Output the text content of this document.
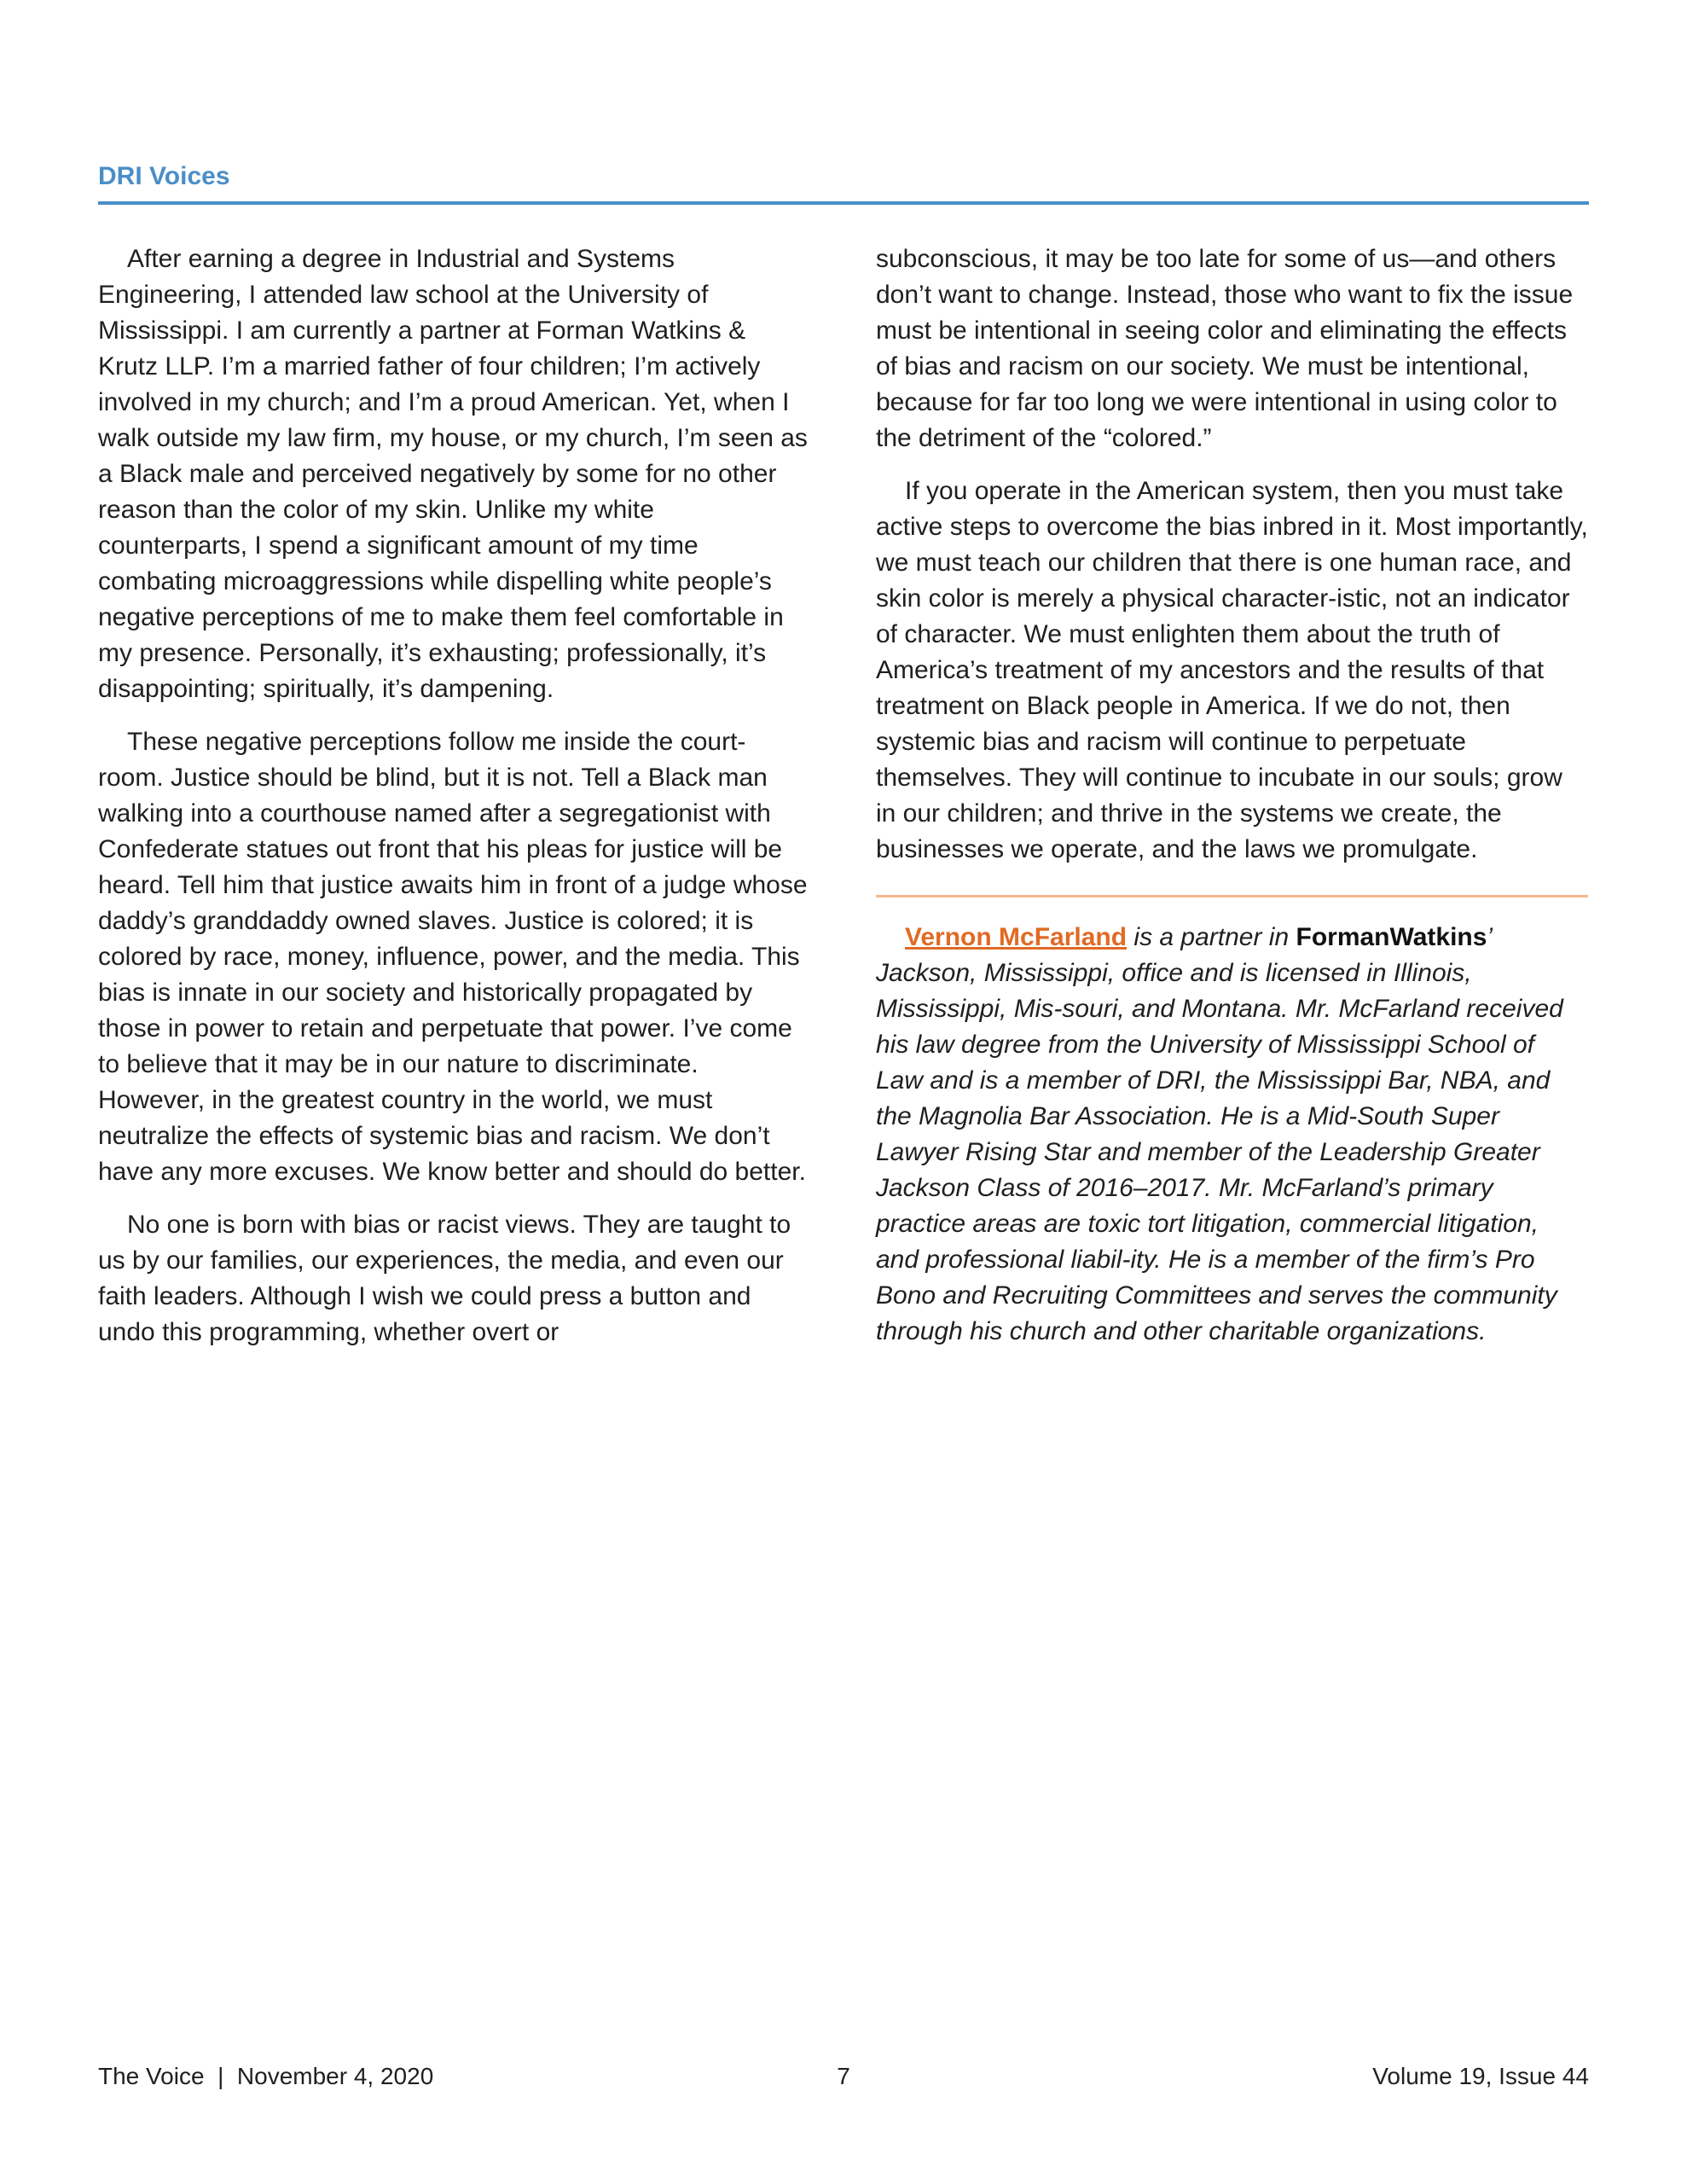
DRI Voices

After earning a degree in Industrial and Systems Engineering, I attended law school at the University of Mississippi. I am currently a partner at Forman Watkins & Krutz LLP. I’m a married father of four children; I’m actively involved in my church; and I’m a proud American. Yet, when I walk outside my law firm, my house, or my church, I’m seen as a Black male and perceived negatively by some for no other reason than the color of my skin. Unlike my white counterparts, I spend a significant amount of my time combating microaggressions while dispelling white people’s negative perceptions of me to make them feel comfortable in my presence. Personally, it’s exhausting; professionally, it’s disappointing; spiritually, it’s dampening.

These negative perceptions follow me inside the court-room. Justice should be blind, but it is not. Tell a Black man walking into a courthouse named after a segregationist with Confederate statues out front that his pleas for justice will be heard. Tell him that justice awaits him in front of a judge whose daddy’s granddaddy owned slaves. Justice is colored; it is colored by race, money, influence, power, and the media. This bias is innate in our society and historically propagated by those in power to retain and perpetuate that power. I’ve come to believe that it may be in our nature to discriminate. However, in the greatest country in the world, we must neutralize the effects of systemic bias and racism. We don’t have any more excuses. We know better and should do better.

No one is born with bias or racist views. They are taught to us by our families, our experiences, the media, and even our faith leaders. Although I wish we could press a button and undo this programming, whether overt or

subconscious, it may be too late for some of us—and others don’t want to change. Instead, those who want to fix the issue must be intentional in seeing color and eliminating the effects of bias and racism on our society. We must be intentional, because for far too long we were intentional in using color to the detriment of the “colored.”

If you operate in the American system, then you must take active steps to overcome the bias inbred in it. Most importantly, we must teach our children that there is one human race, and skin color is merely a physical character-istic, not an indicator of character. We must enlighten them about the truth of America’s treatment of my ancestors and the results of that treatment on Black people in America. If we do not, then systemic bias and racism will continue to perpetuate themselves. They will continue to incubate in our souls; grow in our children; and thrive in the systems we create, the businesses we operate, and the laws we promulgate.

Vernon McFarland is a partner in FormanWatkins’ Jackson, Mississippi, office and is licensed in Illinois, Mississippi, Mis-souri, and Montana. Mr. McFarland received his law degree from the University of Mississippi School of Law and is a member of DRI, the Mississippi Bar, NBA, and the Magnolia Bar Association. He is a Mid-South Super Lawyer Rising Star and member of the Leadership Greater Jackson Class of 2016–2017. Mr. McFarland’s primary practice areas are toxic tort litigation, commercial litigation, and professional liabil-ity. He is a member of the firm’s Pro Bono and Recruiting Committees and serves the community through his church and other charitable organizations.

The Voice  |  November 4, 2020	7	Volume 19, Issue 44
